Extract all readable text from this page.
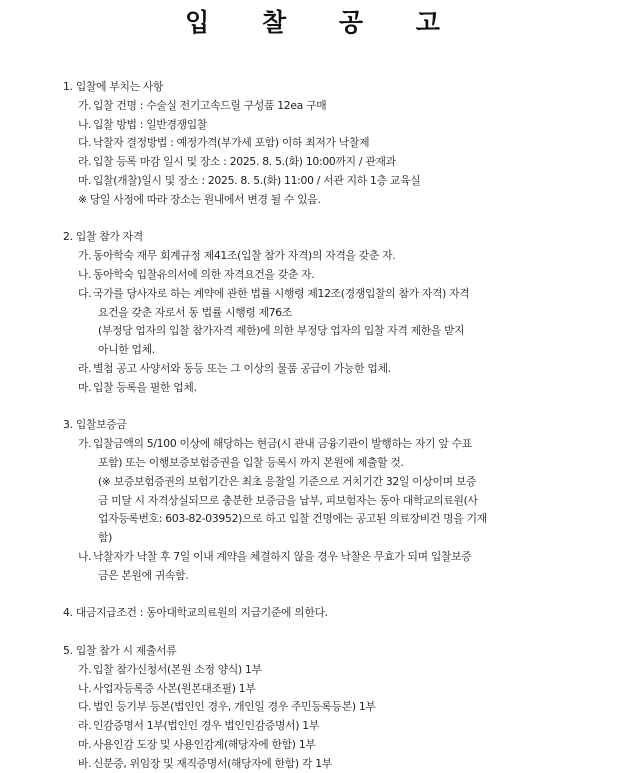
입 찰 공 고
1. 입찰에 부치는 사항
가. 입찰 건명 : 수술실 전기고속드릴 구성품 12ea 구매
나. 입찰 방법 : 일반경쟁입찰
다. 낙찰자 결정방법 : 예정가격(부가세 포함) 이하 최저가 낙찰제
라. 입찰 등록 마감 일시 및 장소 : 2025. 8. 5.(화) 10:00까지 / 관재과
마. 입찰(개찰)일시 및 장소 : 2025. 8. 5.(화) 11:00 / 서관 지하 1층 교육실
※ 당일 사정에 따라 장소는 원내에서 변경 될 수 있음.
2. 입찰 참가 자격
가. 동아학숙 재무 회계규정 제41조(입찰 참가 자격)의 자격을 갖춘 자.
나. 동아학숙 입찰유의서에 의한 자격요건을 갖춘 자.
다. 국가를 당사자로 하는 계약에 관한 법률 시행령 제12조(경쟁입찰의 참가 자격) 자격
요건을 갖춘 자로서 동 법률 시행령 제76조
(부정당 업자의 입찰 참가자격 제한)에 의한 부정당 업자의 입찰 자격 제한을 받지
아니한 업체.
라. 별첨 공고 사양서와 동등 또는 그 이상의 물품 공급이 가능한 업체.
마. 입찰 등록을 필한 업체.
3. 입찰보증금
가. 입찰금액의 5/100 이상에 해당하는 현금(시 관내 금융기관이 발행하는 자기 앞 수표
포함) 또는 이행보증보험증권을 입찰 등록시 까지 본원에 제출할 것.
(※ 보증보험증권의 보험기간은 최초 응찰일 기준으로 거치기간 32일 이상이며 보증
금 미달 시 자격상실되므로 충분한 보증금을 납부, 피보험자는 동아 대학교의료원(사
업자등록번호: 603-82-03952)으로 하고 입찰 건명에는 공고된 의료장비건 명을 기재
함)
나. 낙찰자가 낙찰 후 7일 이내 계약을 체결하지 않을 경우 낙찰은 무효가 되며 입찰보증
금은 본원에 귀속함.
4. 대금지급조건 : 동아대학교의료원의 지급기준에 의한다.
5. 입찰 참가 시 제출서류
가. 입찰 참가신청서(본원 소정 양식) 1부
나. 사업자등록증 사본(원본대조필) 1부
다. 법인 등기부 등본(법인인 경우, 개인일 경우 주민등록등본) 1부
라. 인감증명서 1부(법인인 경우 법인인감증명서) 1부
마. 사용인감 도장 및 사용인감계(해당자에 한함) 1부
바. 신분증, 위임장 및 재직증명서(해당자에 한함) 각 1부
